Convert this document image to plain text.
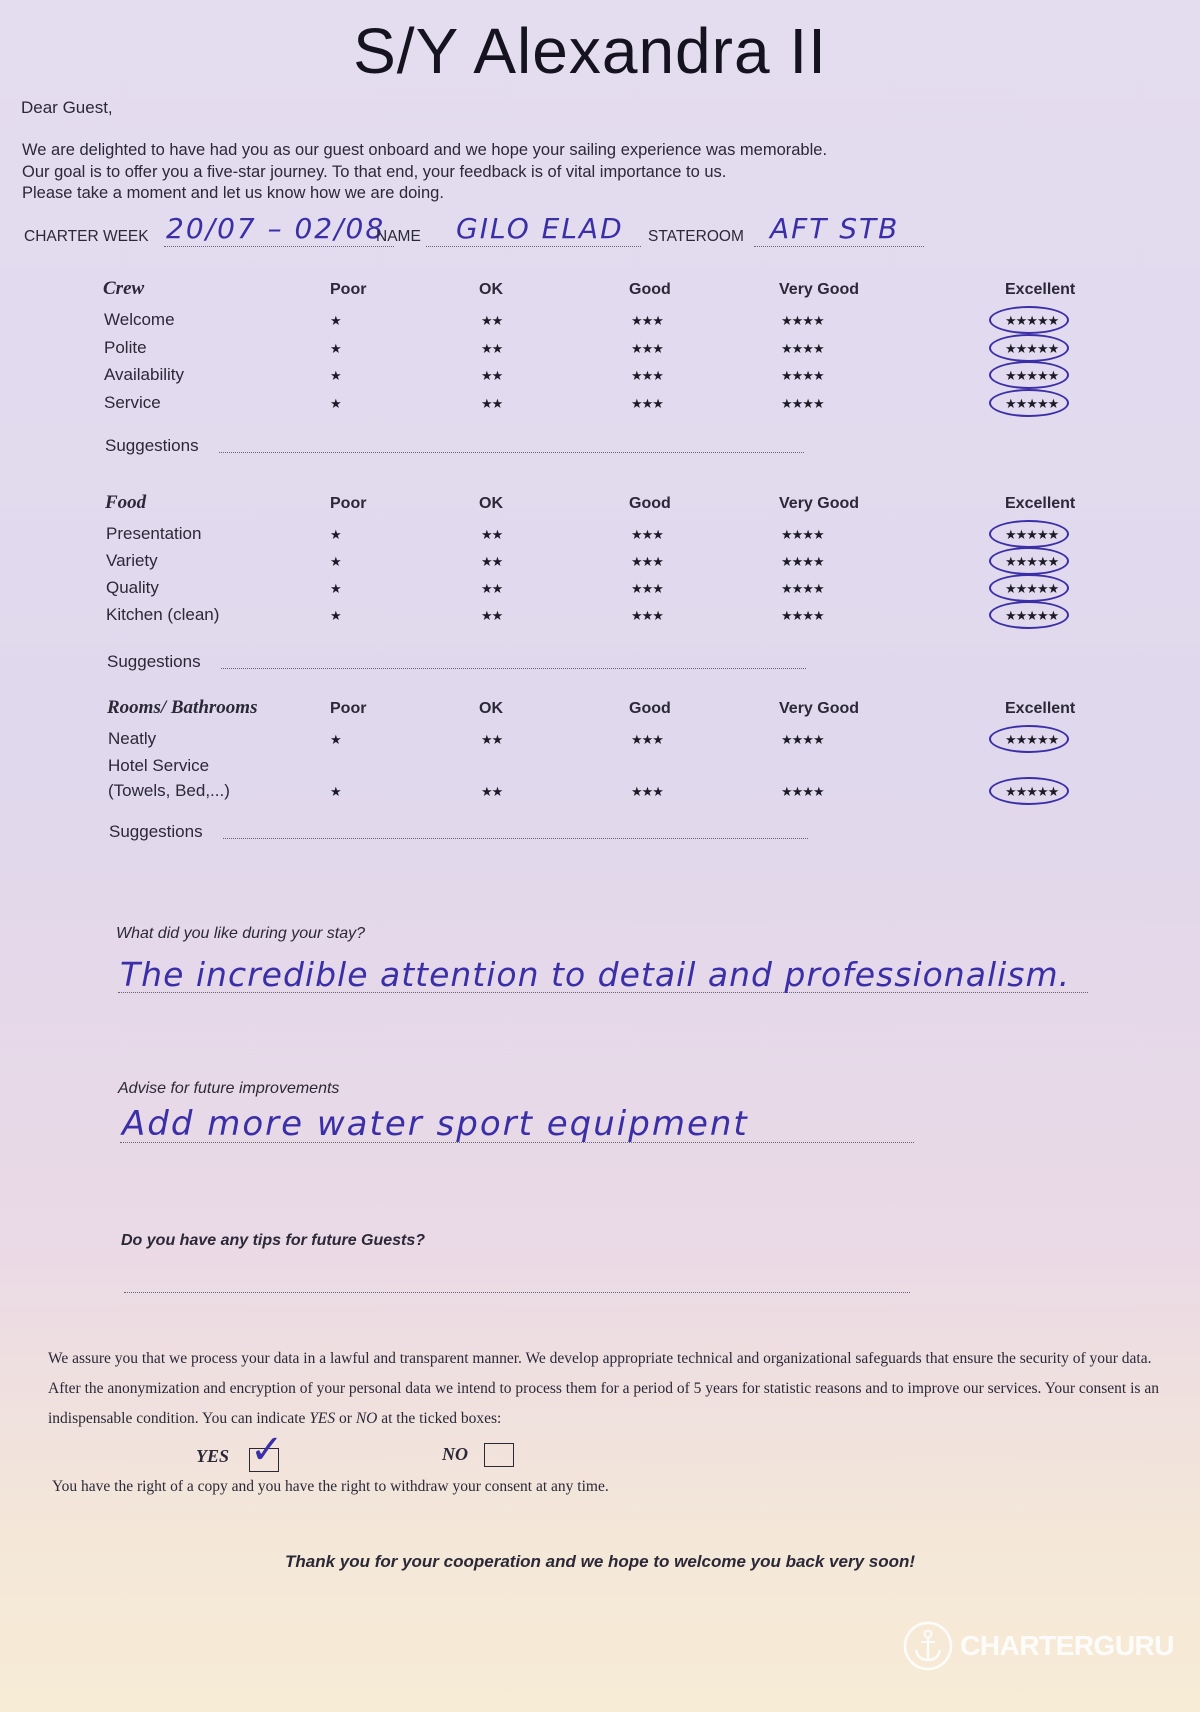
S/Y Alexandra II
Dear Guest,
We are delighted to have had you as our guest onboard and we hope your sailing experience was memorable.
Our goal is to offer you a five-star journey. To that end, your feedback is of vital importance to us.
Please take a moment and let us know how we are doing.
CHARTER WEEK 20/07 – 02/08
NAME GILO ELAD STATEROOM AFT STB
Crew	Poor	OK	Good	Very Good	Excellent
Welcome	★	★★	★★★	★★★★	$_{★★★★★}$
Polite	★	★★	★★★	★★★★	$_{★★★★★}$
Availability	★	★★	★★★	★★★★	$_{★★★★★}$
Service	★	★★	★★★	★★★★	$_{★★★★★}$
Suggestions
Food	Poor	OK	Good	Very Good	Excellent
Presentation	★	★★	★★★	★★★★	$_{★★★★★}$
Variety	★	★★	★★★	★★★★	$_{★★★★★}$
Quality	★	★★	★★★	★★★★	$_{★★★★★}$
Kitchen (clean)	★	★★	★★★	★★★★	$_{★★★★★}$
Suggestions
Rooms/ Bathrooms	Poor	OK	Good	Very Good	Excellent
Neatly	★	★★	★★★	★★★★	$_{★★★★★}$
Hotel Service
(Towels, Bed,...)	★	★★	★★★	★★★★	$_{★★★★★}$
Suggestions
What did you like during your stay?
The incredible attention to detail and professionalism.
Advise for future improvements
Add more water sport equipment
Do you have any tips for future Guests?
We assure you that we process your data in a lawful and transparent manner. We develop appropriate technical and organizational safeguards that ensure the security of your data. After the anonymization and encryption of your personal data we intend to process them for a period of 5 years for statistic reasons and to improve our services. Your consent is an indispensable condition. You can indicate YES or NO at the ticked boxes:
YES ✓	NO
You have the right of a copy and you have the right to withdraw your consent at any time.
Thank you for your cooperation and we hope to welcome you back very soon!
CHARTERGURU
